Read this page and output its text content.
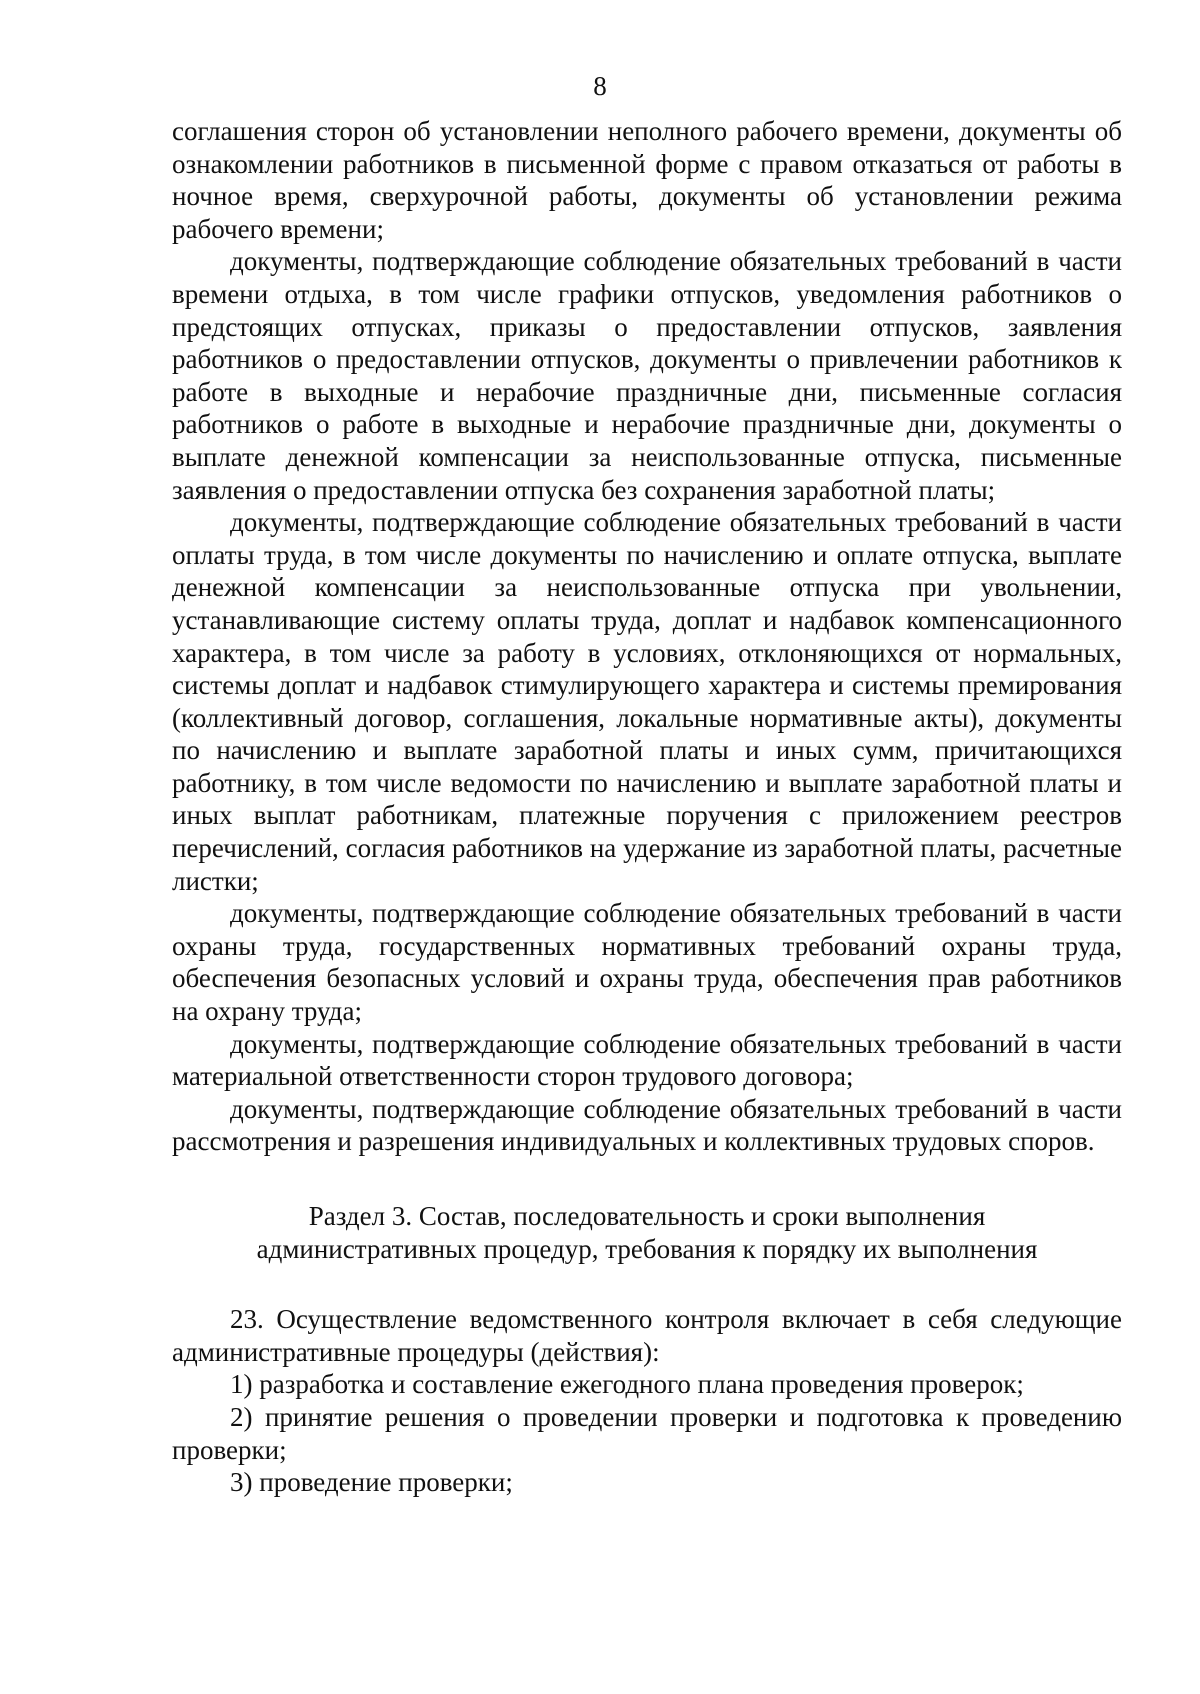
8

соглашения сторон об установлении неполного рабочего времени, документы об ознакомлении работников в письменной форме с правом отказаться от работы в ночное время, сверхурочной работы, документы об установлении режима рабочего времени;

документы, подтверждающие соблюдение обязательных требований в части времени отдыха, в том числе графики отпусков, уведомления работников о предстоящих отпусках, приказы о предоставлении отпусков, заявления работников о предоставлении отпусков, документы о привлечении работников к работе в выходные и нерабочие праздничные дни, письменные согласия работников о работе в выходные и нерабочие праздничные дни, документы о выплате денежной компенсации за неиспользованные отпуска, письменные заявления о предоставлении отпуска без сохранения заработной платы;

документы, подтверждающие соблюдение обязательных требований в части оплаты труда, в том числе документы по начислению и оплате отпуска, выплате денежной компенсации за неиспользованные отпуска при увольнении, устанавливающие систему оплаты труда, доплат и надбавок компенсационного характера, в том числе за работу в условиях, отклоняющихся от нормальных, системы доплат и надбавок стимулирующего характера и системы премирования (коллективный договор, соглашения, локальные нормативные акты), документы по начислению и выплате заработной платы и иных сумм, причитающихся работнику, в том числе ведомости по начислению и выплате заработной платы и иных выплат работникам, платежные поручения с приложением реестров перечислений, согласия работников на удержание из заработной платы, расчетные листки;

документы, подтверждающие соблюдение обязательных требований в части охраны труда, государственных нормативных требований охраны труда, обеспечения безопасных условий и охраны труда, обеспечения прав работников на охрану труда;

документы, подтверждающие соблюдение обязательных требований в части материальной ответственности сторон трудового договора;

документы, подтверждающие соблюдение обязательных требований в части рассмотрения и разрешения индивидуальных и коллективных трудовых споров.

Раздел 3. Состав, последовательность и сроки выполнения
административных процедур, требования к порядку их выполнения

23. Осуществление ведомственного контроля включает в себя следующие административные процедуры (действия):

1) разработка и составление ежегодного плана проведения проверок;

2) принятие решения о проведении проверки и подготовка к проведению проверки;

3) проведение проверки;
